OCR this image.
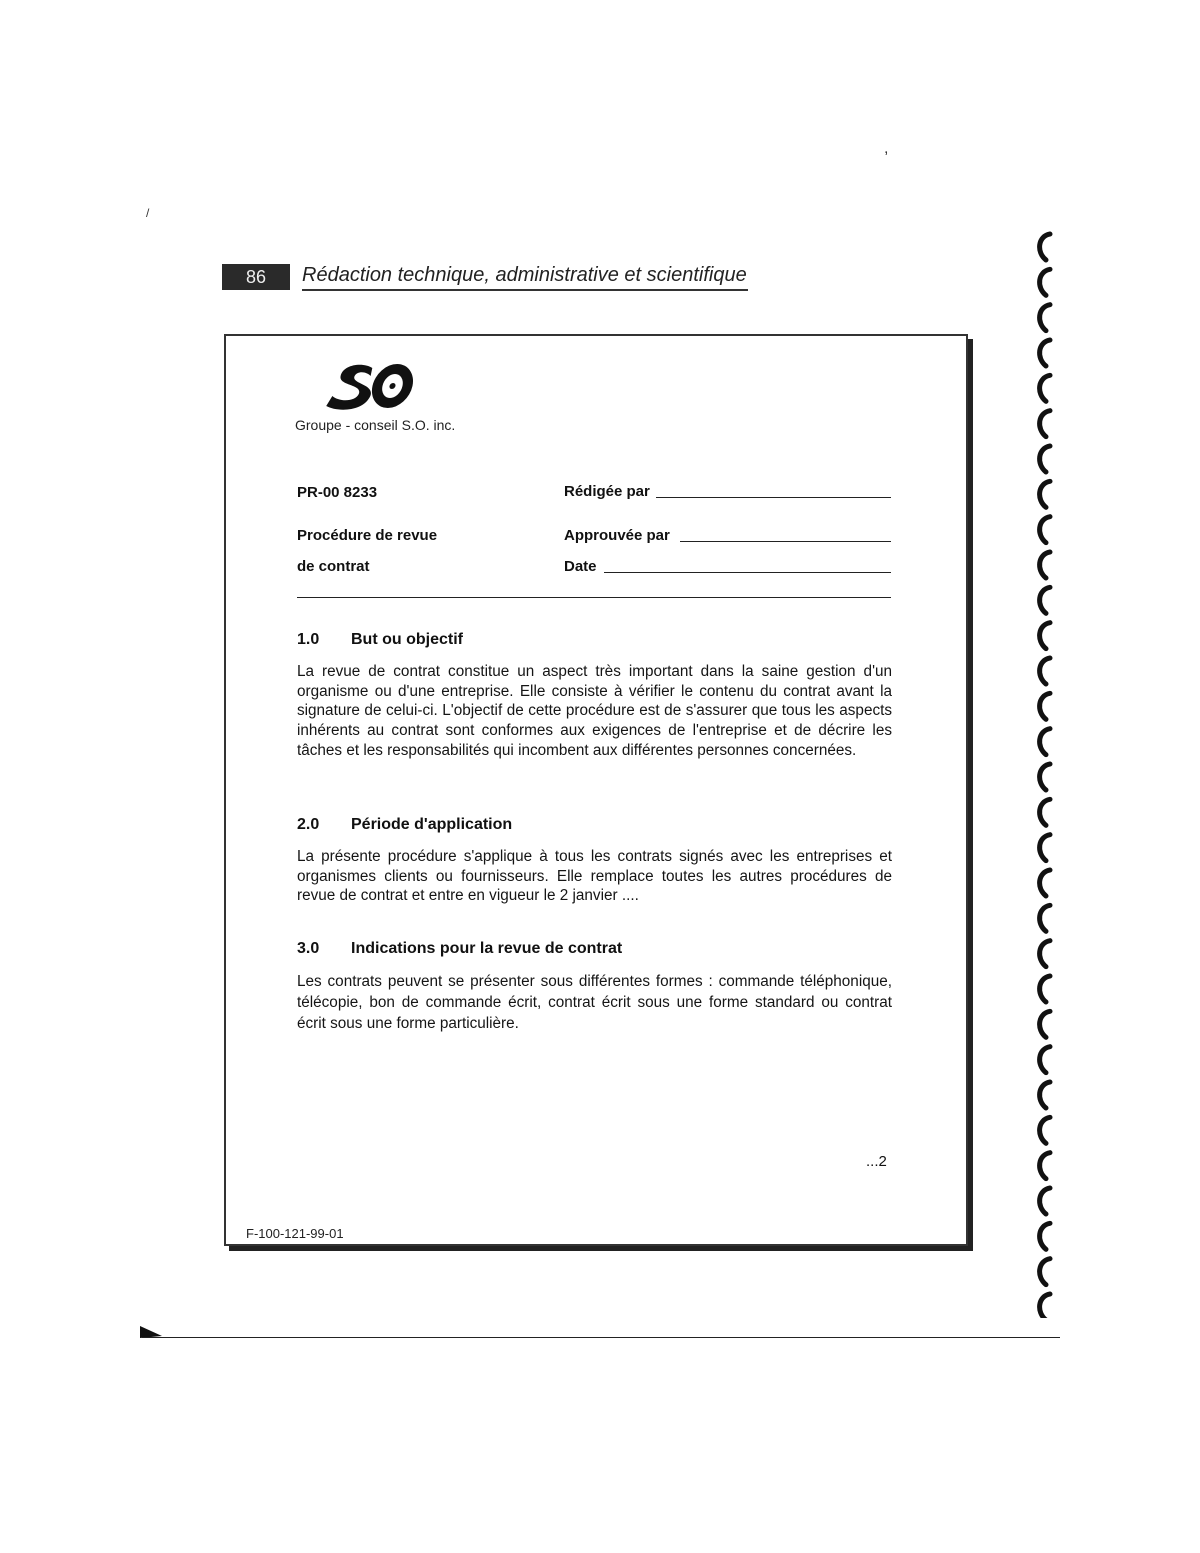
,
/
86	Rédaction technique, administrative et scientifique
Groupe - conseil S.O. inc.
PR-00 8233
Procédure de revue
de contrat
Rédigée par
Approuvée par
Date
1.0 But ou objectif
La revue de contrat constitue un aspect très important dans la saine gestion d'un organisme ou d'une entreprise. Elle consiste à vérifier le contenu du contrat avant la signature de celui-ci. L'objectif de cette procédure est de s'assurer que tous les aspects inhérents au contrat sont conformes aux exigences de l'entreprise et de décrire les tâches et les responsabilités qui incombent aux différentes personnes concernées.
2.0 Période d'application
La présente procédure s'applique à tous les contrats signés avec les entreprises et organismes clients ou fournisseurs. Elle remplace toutes les autres procédures de revue de contrat et entre en vigueur le 2 janvier ....
3.0 Indications pour la revue de contrat
Les contrats peuvent se présenter sous différentes formes : commande téléphonique, télécopie, bon de commande écrit, contrat écrit sous une forme standard ou contrat écrit sous une forme particulière.
...2
F-100-121-99-01
